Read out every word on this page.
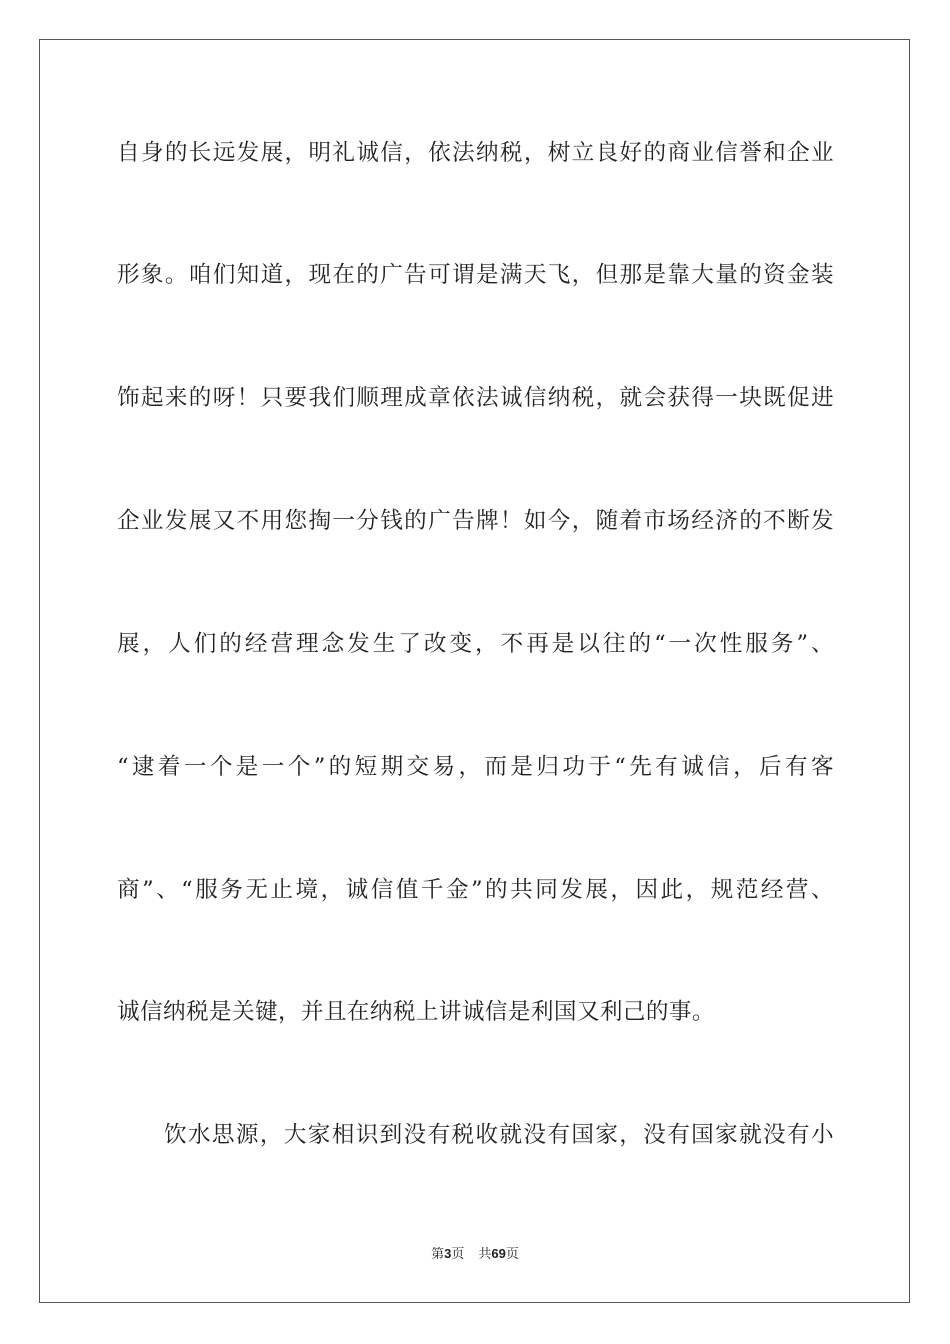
自身的长远发展，明礼诚信，依法纳税，树立良好的商业信誉和企业
形象。咱们知道，现在的广告可谓是满天飞，但那是靠大量的资金装
饰起来的呀！只要我们顺理成章依法诚信纳税，就会获得一块既促进
企业发展又不用您掏一分钱的广告牌！如今，随着市场经济的不断发
展，人们的经营理念发生了改变，不再是以往的“一次性服务”、
“逮着一个是一个”的短期交易，而是归功于“先有诚信，后有客
商”、“服务无止境，诚信值千金”的共同发展，因此，规范经营、
诚信纳税是关键，并且在纳税上讲诚信是利国又利己的事。
饮水思源，大家相识到没有税收就没有国家，没有国家就没有小
第3页 共69页
